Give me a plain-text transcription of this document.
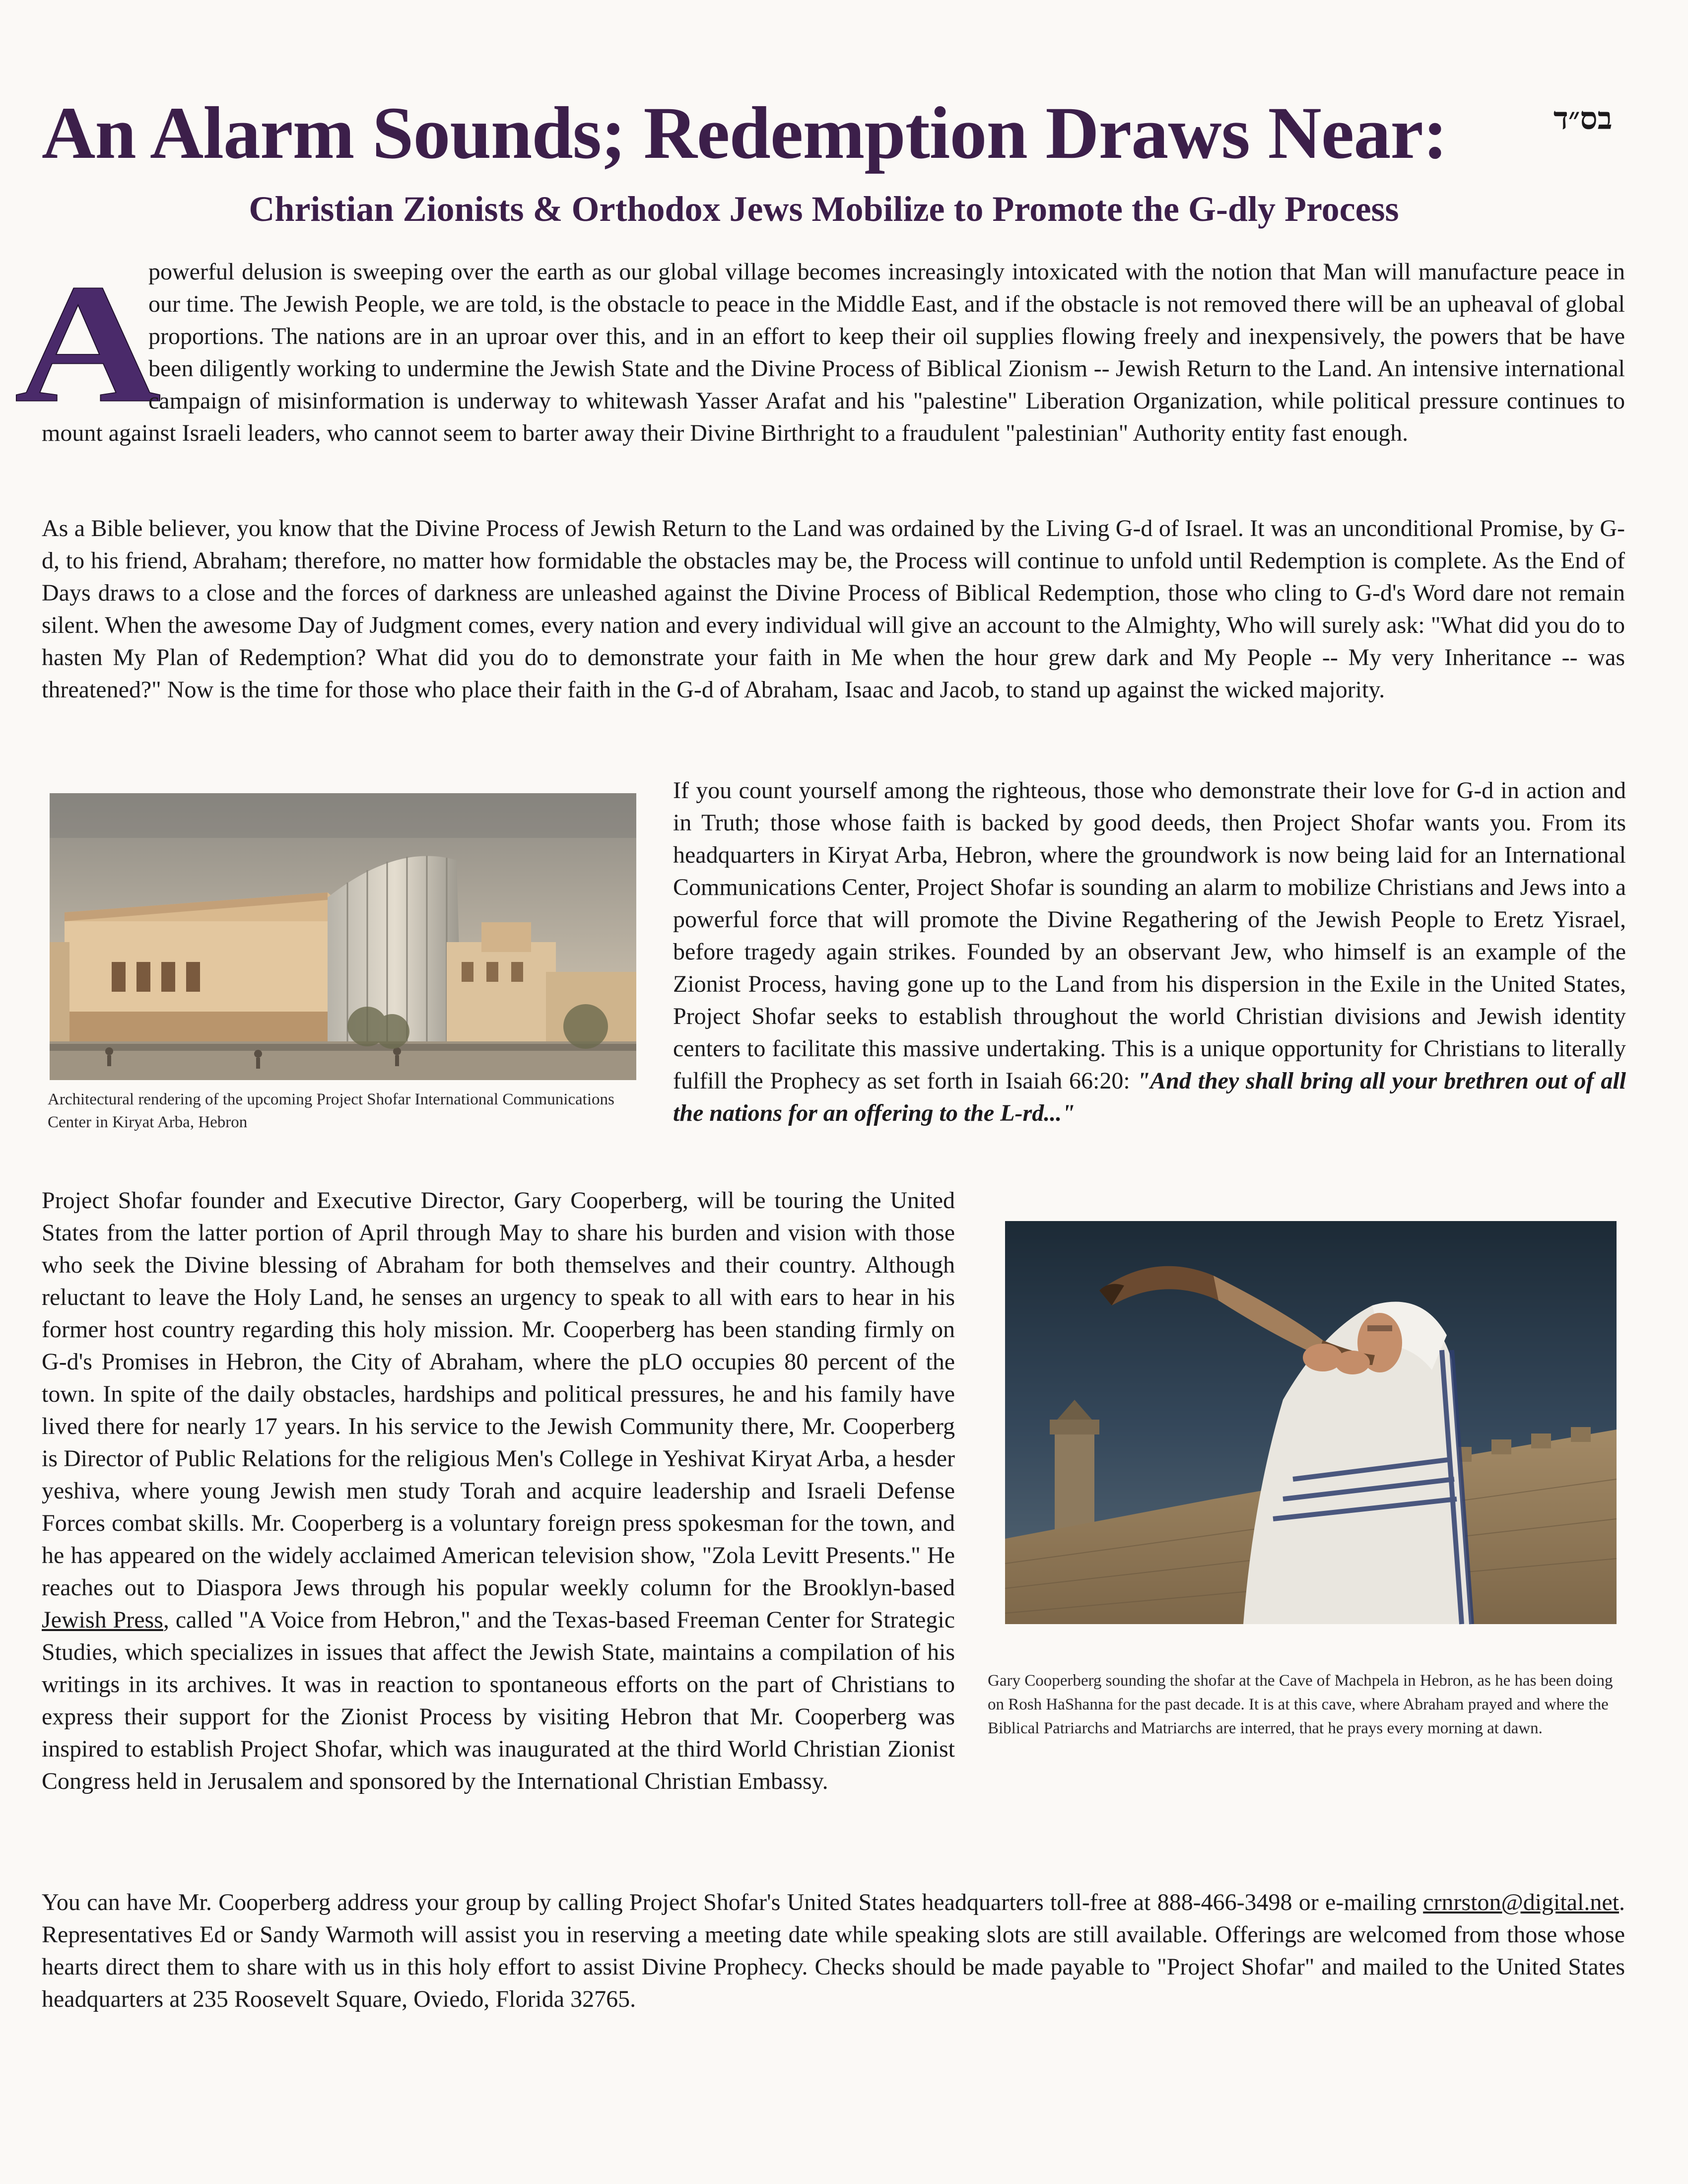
בס״ד
An Alarm Sounds; Redemption Draws Near:
Christian Zionists & Orthodox Jews Mobilize to Promote the G-dly Process
A

powerful delusion is sweeping over the earth as our global village becomes increasingly intoxicated with the notion that Man will manufacture peace in our time. The Jewish People, we are told, is the obstacle to peace in the Middle East, and if the obstacle is not removed there will be an upheaval of global proportions. The nations are in an uproar over this, and in an effort to keep their oil supplies flowing freely and inexpensively, the powers that be have been diligently working to undermine the Jewish State and the Divine Process of Biblical Zionism -- Jewish Return to the Land. An intensive international campaign of misinformation is underway to whitewash Yasser Arafat and his "palestine" Liberation Organization, while political pressure continues to mount against Israeli leaders, who cannot seem to barter away their Divine Birthright to a fraudulent "palestinian" Authority entity fast enough.

As a Bible believer, you know that the Divine Process of Jewish Return to the Land was ordained by the Living G-d of Israel. It was an unconditional Promise, by G-d, to his friend, Abraham; therefore, no matter how formidable the obstacles may be, the Process will continue to unfold until Redemption is complete. As the End of Days draws to a close and the forces of darkness are unleashed against the Divine Process of Biblical Redemption, those who cling to G-d's Word dare not remain silent. When the awesome Day of Judgment comes, every nation and every individual will give an account to the Almighty, Who will surely ask: "What did you do to hasten My Plan of Redemption? What did you do to demonstrate your faith in Me when the hour grew dark and My People -- My very Inheritance -- was threatened?" Now is the time for those who place their faith in the G-d of Abraham, Isaac and Jacob, to stand up against the wicked majority.

Architectural rendering of the upcoming Project Shofar International Communications Center in Kiryat Arba, Hebron

If you count yourself among the righteous, those who demonstrate their love for G-d in action and in Truth; those whose faith is backed by good deeds, then Project Shofar wants you. From its headquarters in Kiryat Arba, Hebron, where the groundwork is now being laid for an International Communications Center, Project Shofar is sounding an alarm to mobilize Christians and Jews into a powerful force that will promote the Divine Regathering of the Jewish People to Eretz Yisrael, before tragedy again strikes. Founded by an observant Jew, who himself is an example of the Zionist Process, having gone up to the Land from his dispersion in the Exile in the United States, Project Shofar seeks to establish throughout the world Christian divisions and Jewish identity centers to facilitate this massive undertaking. This is a unique opportunity for Christians to literally fulfill the Prophecy as set forth in Isaiah 66:20: "And they shall bring all your brethren out of all the nations for an offering to the L-rd..."

Project Shofar founder and Executive Director, Gary Cooperberg, will be touring the United States from the latter portion of April through May to share his burden and vision with those who seek the Divine blessing of Abraham for both themselves and their country. Although reluctant to leave the Holy Land, he senses an urgency to speak to all with ears to hear in his former host country regarding this holy mission. Mr. Cooperberg has been standing firmly on G-d's Promises in Hebron, the City of Abraham, where the pLO occupies 80 percent of the town. In spite of the daily obstacles, hardships and political pressures, he and his family have lived there for nearly 17 years. In his service to the Jewish Community there, Mr. Cooperberg is Director of Public Relations for the religious Men's College in Yeshivat Kiryat Arba, a hesder yeshiva, where young Jewish men study Torah and acquire leadership and Israeli Defense Forces combat skills. Mr. Cooperberg is a voluntary foreign press spokesman for the town, and he has appeared on the widely acclaimed American television show, "Zola Levitt Presents." He reaches out to Diaspora Jews through his popular weekly column for the Brooklyn-based Jewish Press, called "A Voice from Hebron," and the Texas-based Freeman Center for Strategic Studies, which specializes in issues that affect the Jewish State, maintains a compilation of his writings in its archives. It was in reaction to spontaneous efforts on the part of Christians to express their support for the Zionist Process by visiting Hebron that Mr. Cooperberg was inspired to establish Project Shofar, which was inaugurated at the third World Christian Zionist Congress held in Jerusalem and sponsored by the International Christian Embassy.

Gary Cooperberg sounding the shofar at the Cave of Machpela in Hebron, as he has been doing on Rosh HaShanna for the past decade. It is at this cave, where Abraham prayed and where the Biblical Patriarchs and Matriarchs are interred, that he prays every morning at dawn.

You can have Mr. Cooperberg address your group by calling Project Shofar's United States headquarters toll-free at 888-466-3498 or e-mailing crnrston@digital.net. Representatives Ed or Sandy Warmoth will assist you in reserving a meeting date while speaking slots are still available. Offerings are welcomed from those whose hearts direct them to share with us in this holy effort to assist Divine Prophecy. Checks should be made payable to "Project Shofar" and mailed to the United States headquarters at 235 Roosevelt Square, Oviedo, Florida 32765.
